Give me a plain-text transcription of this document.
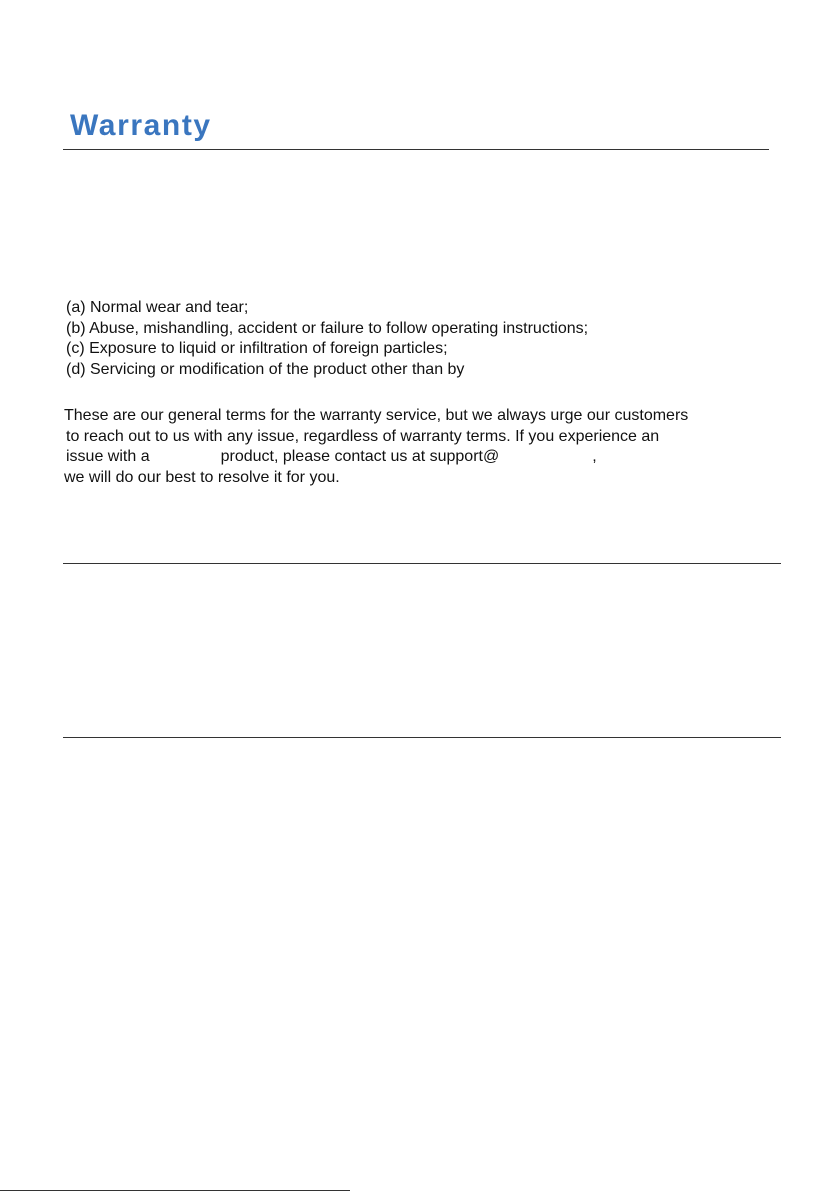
Warranty
(a) Normal wear and tear;
(b) Abuse, mishandling, accident or failure to follow operating instructions;
(c) Exposure to liquid or infiltration of foreign particles;
(d) Servicing or modification of the product other than by
These are our general terms for the warranty service, but we always urge our customers
to reach out to us with any issue, regardless of warranty terms. If you experience an
issue with a	product, please contact us at support@	,
we will do our best to resolve it for you.
